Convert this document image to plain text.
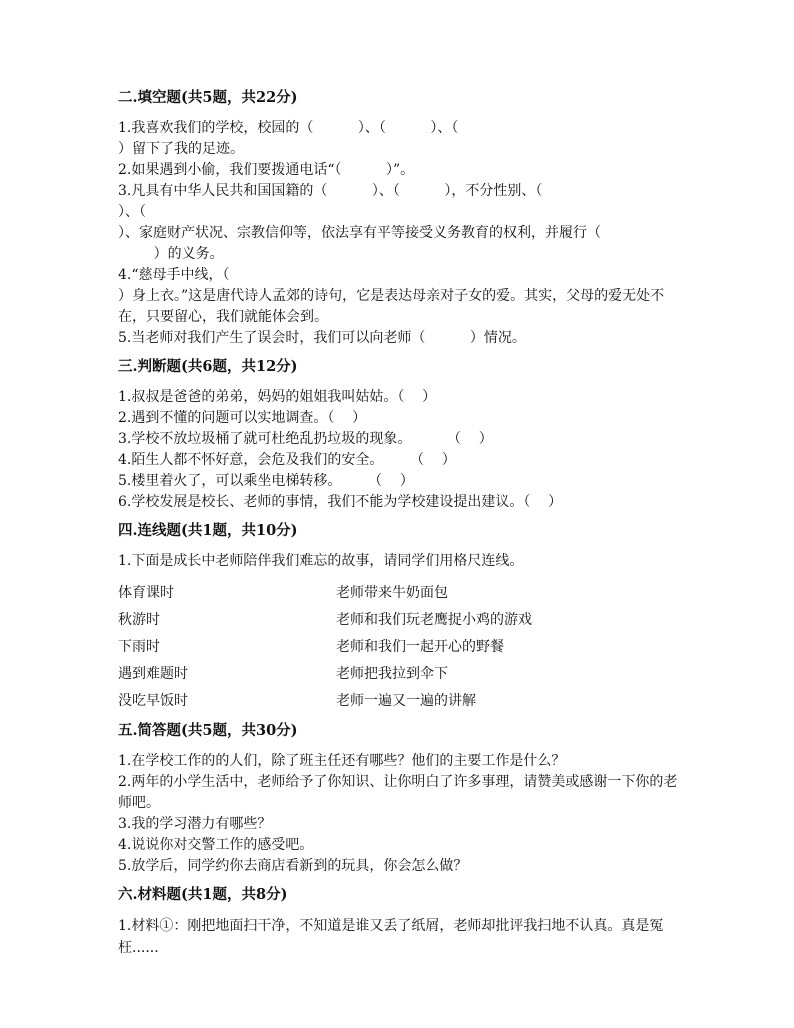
二.填空题(共5题，共22分)

1.我喜欢我们的学校，校园的（          ）、（          ）、（

）留下了我的足迹。

2.如果遇到小偷，我们要拨通电话“（          ）”。

3.凡具有中华人民共和国国籍的（          ）、（          ），不分性别、（

）、（

）、家庭财产状况、宗教信仰等，依法享有平等接受义务教育的权利，并履行（

）的义务。

4.“慈母手中线，（

）身上衣。”这是唐代诗人孟郊的诗句，它是表达母亲对子女的爱。其实，父母的爱无处不在，只要留心，我们就能体会到。

5.当老师对我们产生了误会时，我们可以向老师（          ）情况。

三.判断题(共6题，共12分)

1.叔叔是爸爸的弟弟，妈妈的姐姐我叫姑姑。（    ）

2.遇到不懂的问题可以实地调查。（    ）

3.学校不放垃圾桶了就可杜绝乱扔垃圾的现象。        （    ）

4.陌生人都不怀好意，会危及我们的安全。      （    ）

5.楼里着火了，可以乘坐电梯转移。      （    ）

6.学校发展是校长、老师的事情，我们不能为学校建设提出建议。（    ）

四.连线题(共1题，共10分)

1.下面是成长中老师陪伴我们难忘的故事，请同学们用格尺连线。

体育课时	老师带来牛奶面包
秋游时	老师和我们玩老鹰捉小鸡的游戏
下雨时	老师和我们一起开心的野餐
遇到难题时	老师把我拉到伞下
没吃早饭时	老师一遍又一遍的讲解
五.简答题(共5题，共30分)

1.在学校工作的的人们，除了班主任还有哪些？他们的主要工作是什么？

2.两年的小学生活中，老师给予了你知识、让你明白了许多事理，请赞美或感谢一下你的老师吧。

3.我的学习潜力有哪些？

4.说说你对交警工作的感受吧。

5.放学后，同学约你去商店看新到的玩具，你会怎么做？

六.材料题(共1题，共8分)

1.材料①：刚把地面扫干净，不知道是谁又丢了纸屑，老师却批评我扫地不认真。真是冤枉......
